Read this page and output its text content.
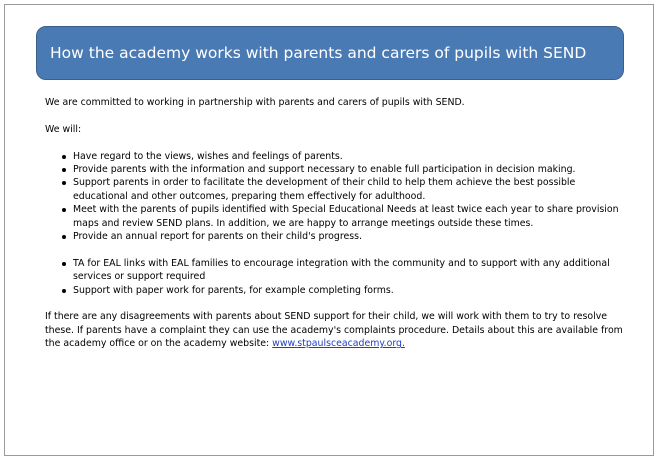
How the academy works with parents and carers of pupils with SEND

We are committed to working in partnership with parents and carers of pupils with SEND.

We will:

Have regard to the views, wishes and feelings of parents.
Provide parents with the information and support necessary to enable full participation in decision making.
Support parents in order to facilitate the development of their child to help them achieve the best possible educational and other outcomes, preparing them effectively for adulthood.
Meet with the parents of pupils identified with Special Educational Needs at least twice each year to share provision maps and review SEND plans. In addition, we are happy to arrange meetings outside these times.
Provide an annual report for parents on their child's progress.
TA for EAL links with EAL families to encourage integration with the community and to support with any additional services or support required
Support with paper work for parents, for example completing forms.

If there are any disagreements with parents about SEND support for their child, we will work with them to try to resolve these. If parents have a complaint they can use the academy's complaints procedure. Details about this are available from the academy office or on the academy website: www.stpaulsceacademy.org.
